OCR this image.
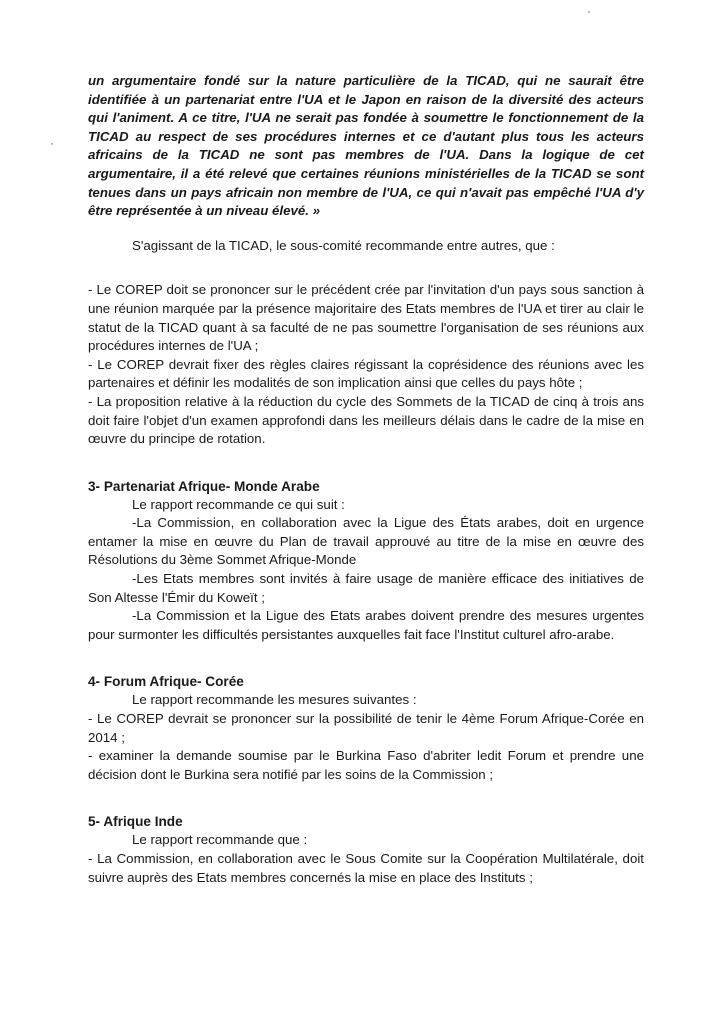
·
·

un argumentaire fondé sur la nature particulière de la TICAD, qui ne saurait être identifiée à un partenariat entre l'UA et le Japon en raison de la diversité des acteurs qui l'animent. A ce titre, l'UA ne serait pas fondée à soumettre le fonctionnement de la TICAD au respect de ses procédures internes et ce d'autant plus tous les acteurs africains de la TICAD ne sont pas membres de l'UA. Dans la logique de cet argumentaire, il a été relevé que certaines réunions ministérielles de la TICAD se sont tenues dans un pays africain non membre de l'UA, ce qui n'avait pas empêché l'UA d'y être représentée à un niveau élevé. »

S'agissant de la TICAD, le sous-comité recommande entre autres, que :

- Le COREP doit se prononcer sur le précédent crée par l'invitation d'un pays sous sanction à une réunion marquée par la présence majoritaire des Etats membres de l'UA et tirer au clair le statut de la TICAD quant à sa faculté de ne pas soumettre l'organisation de ses réunions aux procédures internes de l'UA ;

- Le COREP devrait fixer des règles claires régissant la coprésidence des réunions avec les partenaires et définir les modalités de son implication ainsi que celles du pays hôte ;

- La proposition relative à la réduction du cycle des Sommets de la TICAD de cinq à trois ans doit faire l'objet d'un examen approfondi dans les meilleurs délais dans le cadre de la mise en œuvre du principe de rotation.

3- Partenariat Afrique- Monde Arabe

Le rapport recommande ce qui suit :

-La Commission, en collaboration avec la Ligue des États arabes, doit en urgence entamer la mise en œuvre du Plan de travail approuvé au titre de la mise en œuvre des Résolutions du 3ème Sommet Afrique-Monde

-Les Etats membres sont invités à faire usage de manière efficace des initiatives de Son Altesse l'Émir du Koweït ;

-La Commission et la Ligue des Etats arabes doivent prendre des mesures urgentes pour surmonter les difficultés persistantes auxquelles fait face l'Institut culturel afro-arabe.

4- Forum Afrique- Corée

Le rapport recommande les mesures suivantes :

- Le COREP devrait se prononcer sur la possibilité de tenir le 4ème Forum Afrique-Corée en 2014 ;

- examiner la demande soumise par le Burkina Faso d'abriter ledit Forum et prendre une décision dont le Burkina sera notifié par les soins de la Commission ;

5- Afrique Inde

Le rapport recommande que :

- La Commission, en collaboration avec le Sous Comite sur la Coopération Multilatérale, doit suivre auprès des Etats membres concernés la mise en place des Instituts ;
